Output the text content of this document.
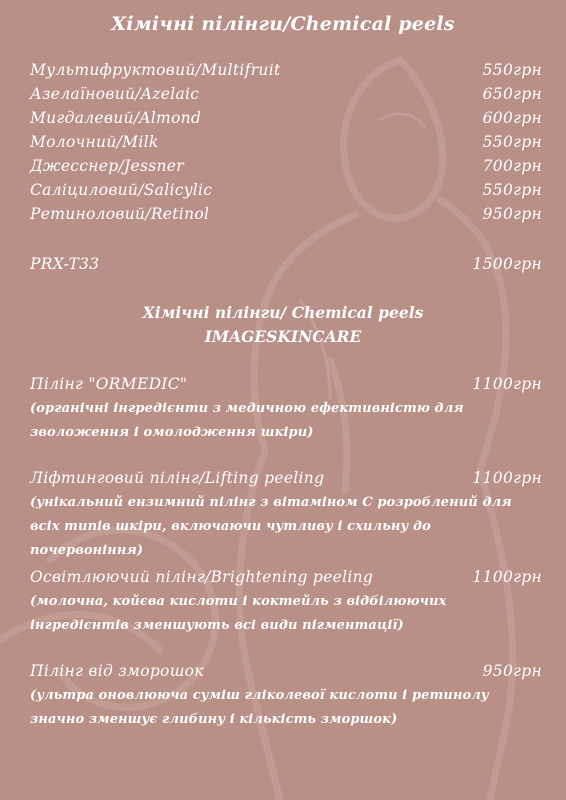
Хімічні пілінги/Chemical peels
Мультифруктовий/Multifruit	550грн
Азелаїновий/Azelaic	650грн
Мигдалевий/Almond	600грн
Молочний/Milk	550грн
Джесснер/Jessner	700грн
Саліциловий/Salicylic	550грн
Ретиноловий/Retinol	950грн
PRX-T33	1500грн
Хімічні пілінги/ Chemical peels
IMAGESKINCARE
Пілінг "ORMEDIC"	1100грн
(органічні інгредієнти з медичною ефективністю для зволоження і омолодження шкіри)
Ліфтинговий пілінг/Lifting peeling	1100грн
(унікальний ензимний пілінг з вітаміном С розроблений для всіх типів шкіри, включаючи чутливу і схильну до почервоніння)
Освітлюючий пілінг/Brightening peeling	1100грн
(молочна, койєва кислоти і коктейль з відбілюючих інгредієнтів зменшують всі види пігментації)
Пілінг від зморошок	950грн
(ультра оновлююча суміш гліколевої кислоти і ретинолу значно зменшує глибину і кількість зморшок)
